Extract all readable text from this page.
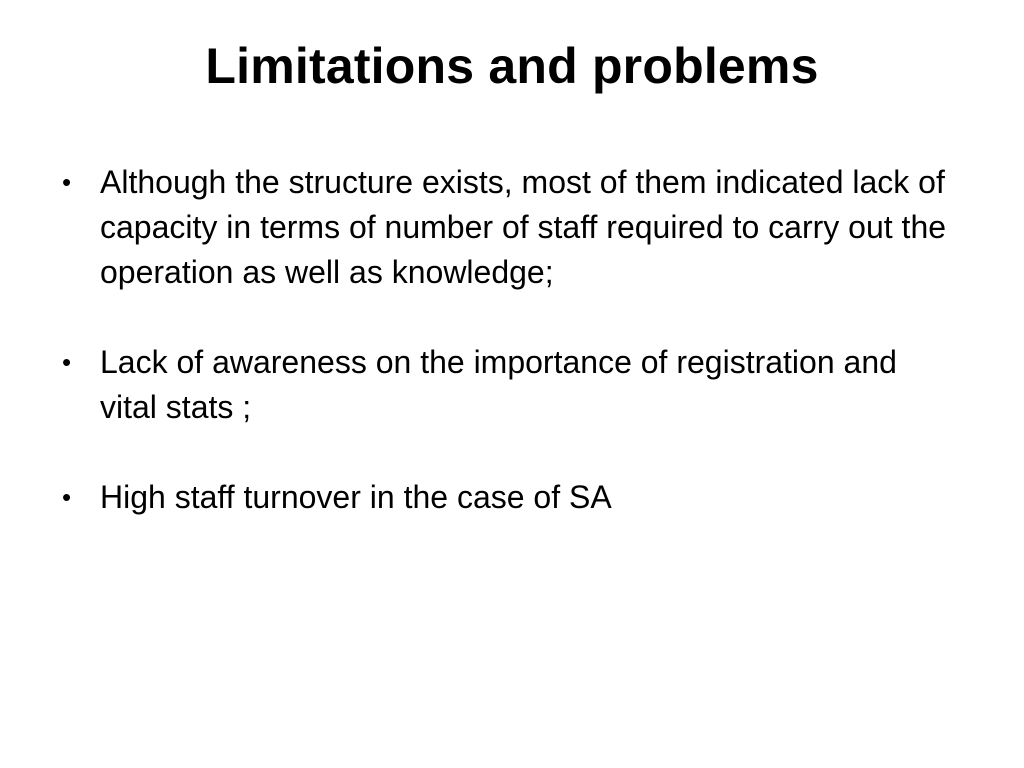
Limitations and problems
• Although the structure exists, most of them indicated lack of capacity in terms of number of staff required to carry out the operation as well as knowledge;
• Lack of awareness on the importance of registration and vital stats ;
• High staff turnover in the case of SA
